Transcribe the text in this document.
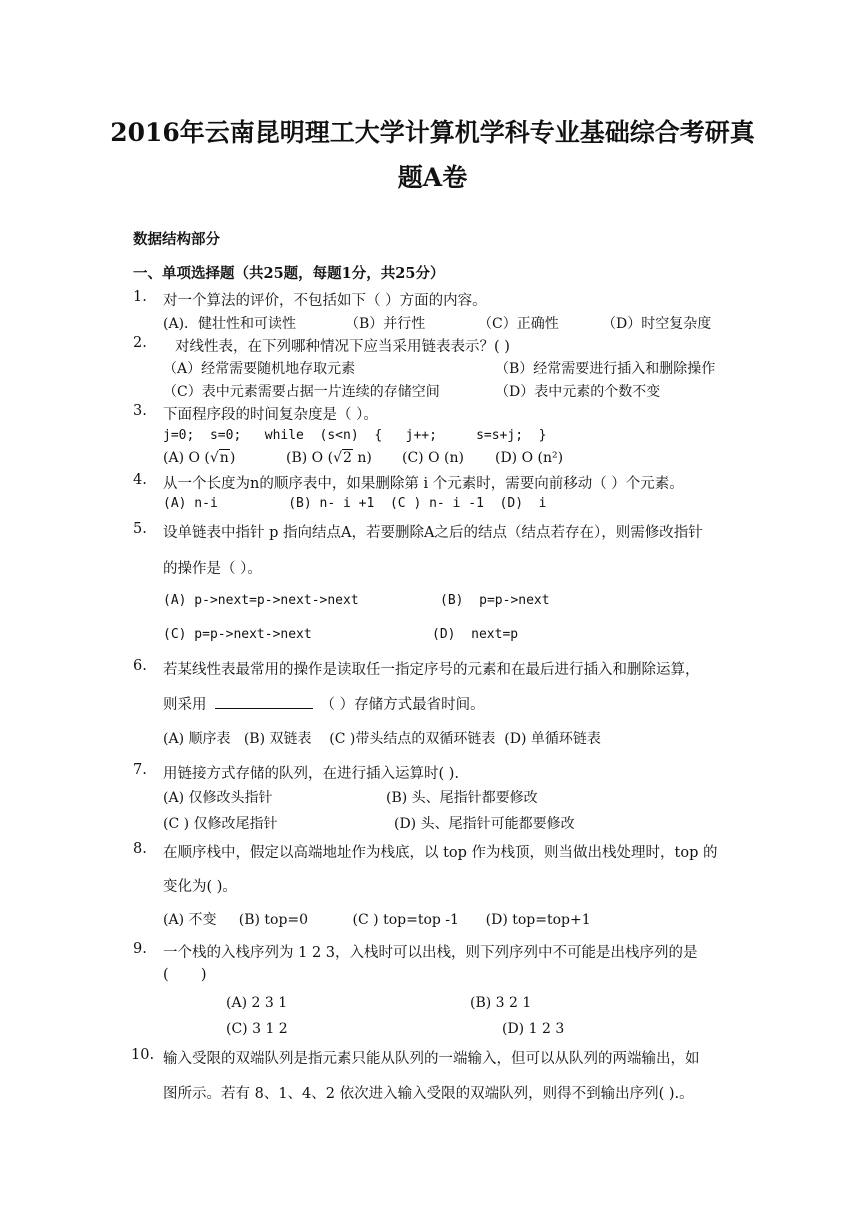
2016年云南昆明理工大学计算机学科专业基础综合考研真
题A卷
数据结构部分
一、单项选择题（共25题，每题1分，共25分）
1. 对一个算法的评价，不包括如下（ ）方面的内容。
(A)．健壮性和可读性	（B）并行性	（C）正确性	（D）时空复杂度
2. 对线性表，在下列哪种情况下应当采用链表表示？( )
（A）经常需要随机地存取元素	（B）经常需要进行插入和删除操作
（C）表中元素需要占据一片连续的存储空间	（D）表中元素的个数不变
3. 下面程序段的时间复杂度是（ ）。
j=0;  s=0;   while  (s<n)  {   j++;     s=s+j;  }
(A) O (√n)	(B) O (√2 n) (C) O (n) (D) O (n²)
4. 从一个长度为n的顺序表中，如果删除第 i 个元素时，需要向前移动（ ）个元素。
(A) n-i         (B) n- i +1  (C ) n- i -1  (D)  i
5. 设单链表中指针 p 指向结点A，若要删除A之后的结点（结点若存在），则需修改指针
的操作是（ ）。
(A) p->next=p->next->next	(B)  p=p->next
(C) p=p->next->next	(D)  next=p
6. 若某线性表最常用的操作是读取任一指定序号的元素和在最后进行插入和删除运算，
则采用	（ ）存储方式最省时间。
(A) 顺序表   (B) 双链表    (C )带头结点的双循环链表  (D) 单循环链表
7. 用链接方式存储的队列，在进行插入运算时( ).
(A) 仅修改头指针	(B) 头、尾指针都要修改
(C ) 仅修改尾指针	(D) 头、尾指针可能都要修改
8. 在顺序栈中，假定以高端地址作为栈底，以 top 作为栈顶，则当做出栈处理时，top 的
变化为( )。
(A) 不变     (B) top=0          (C ) top=top -1      (D) top=top+1
9. 一个栈的入栈序列为 1 2 3，入栈时可以出栈，则下列序列中不可能是出栈序列的是
(       )
(A) 2 3 1	(B) 3 2 1
(C) 3 1 2	(D) 1 2 3
10. 输入受限的双端队列是指元素只能从队列的一端输入，但可以从队列的两端输出，如
图所示。若有 8、1、4、2 依次进入输入受限的双端队列，则得不到输出序列( ).。
